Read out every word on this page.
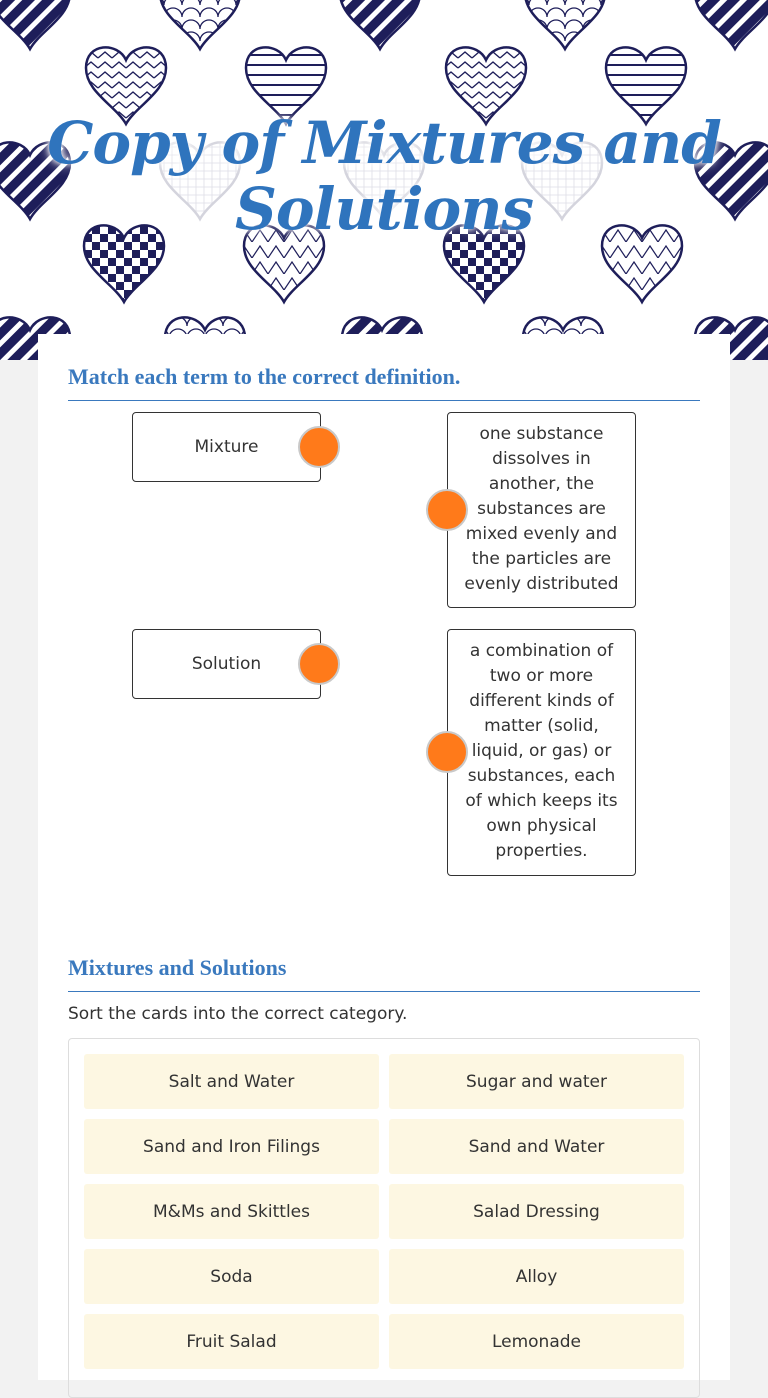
Copy of Mixtures and Solutions
Match each term to the correct definition.
Mixture
Solution
one substance dissolves in another, the substances are mixed evenly and the particles are evenly distributed
a combination of two or more different kinds of matter (solid, liquid, or gas) or substances, each of which keeps its own physical properties.
Mixtures and Solutions

Sort the cards into the correct category.

Salt and Water	Sugar and water
Sand and Iron Filings	Sand and Water
M&Ms and Skittles	Salad Dressing
Soda	Alloy
Fruit Salad	Lemonade
